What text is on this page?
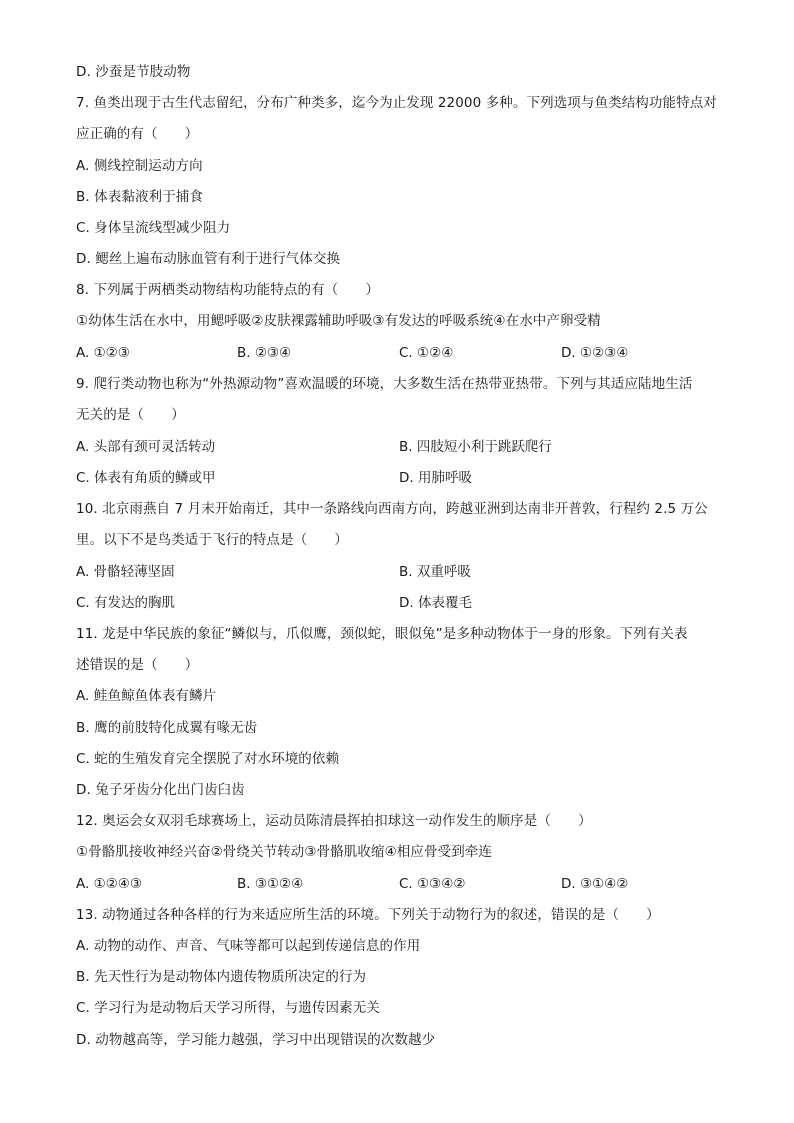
D. 沙蚕是节肢动物
7. 鱼类出现于古生代志留纪，分布广种类多，迄今为止发现 22000 多种。下列选项与鱼类结构功能特点对
应正确的有（　　）
A. 侧线控制运动方向
B. 体表黏液利于捕食
C. 身体呈流线型减少阻力
D. 鳃丝上遍布动脉血管有利于进行气体交换
8. 下列属于两栖类动物结构功能特点的有（　　）
①幼体生活在水中，用鳃呼吸②皮肤裸露辅助呼吸③有发达的呼吸系统④在水中产卵受精
A. ①②③	B. ②③④	C. ①②④	D. ①②③④
9. 爬行类动物也称为“外热源动物”喜欢温暖的环境，大多数生活在热带亚热带。下列与其适应陆地生活
无关的是（　　）
A. 头部有颈可灵活转动	B. 四肢短小利于跳跃爬行
C. 体表有角质的鳞或甲	D. 用肺呼吸
10. 北京雨燕自 7 月末开始南迁，其中一条路线向西南方向，跨越亚洲到达南非开普敦，行程约 2.5 万公
里。以下不是鸟类适于飞行的特点是（　　）
A. 骨骼轻薄坚固	B. 双重呼吸
C. 有发达的胸肌	D. 体表覆毛
11. 龙是中华民族的象征“鳞似与，爪似鹰，颈似蛇，眼似兔”是多种动物体于一身的形象。下列有关表
述错误的是（　　）
A. 鲑鱼鲸鱼体表有鳞片
B. 鹰的前肢特化成翼有喙无齿
C. 蛇的生殖发育完全摆脱了对水环境的依赖
D. 兔子牙齿分化出门齿臼齿
12. 奥运会女双羽毛球赛场上，运动员陈清晨挥拍扣球这一动作发生的顺序是（　　）
①骨骼肌接收神经兴奋②骨绕关节转动③骨骼肌收缩④相应骨受到牵连
A. ①②④③	B. ③①②④	C. ①③④②	D. ③①④②
13. 动物通过各种各样的行为来适应所生活的环境。下列关于动物行为的叙述，错误的是（　　）
A. 动物的动作、声音、气味等都可以起到传递信息的作用
B. 先天性行为是动物体内遗传物质所决定的行为
C. 学习行为是动物后天学习所得，与遗传因素无关
D. 动物越高等，学习能力越强，学习中出现错误的次数越少
